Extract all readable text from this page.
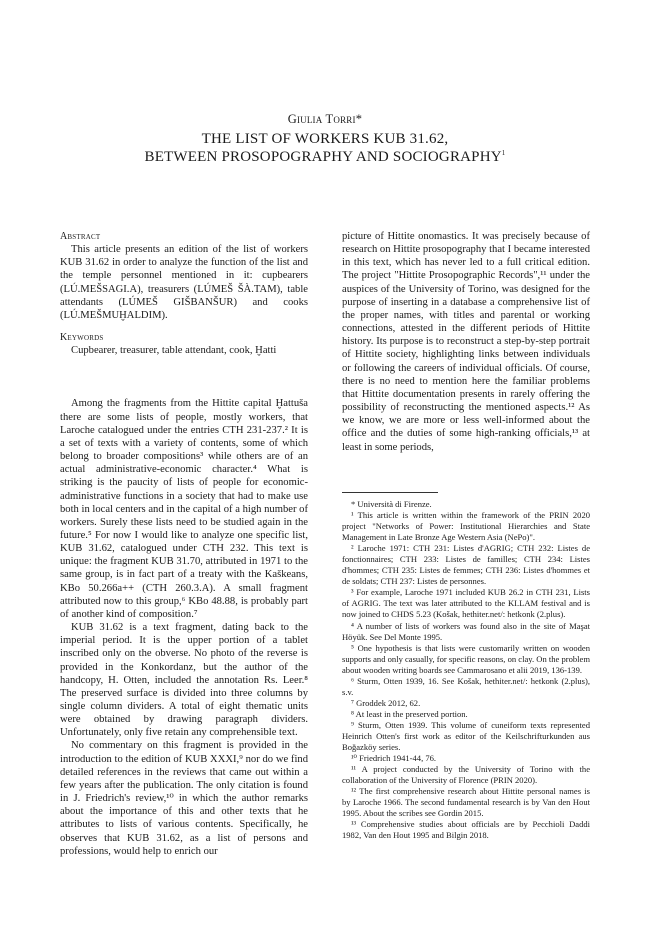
Giulia Torri*
THE LIST OF WORKERS KUB 31.62,
BETWEEN PROSOPOGRAPHY AND SOCIOGRAPHY$^1$
Abstract

This article presents an edition of the list of workers KUB 31.62 in order to analyze the function of the list and the temple personnel mentioned in it: cupbearers (LÚ.MEŠSAGI.A), treasurers (LÚMEŠ ŠÀ.TAM), table attendants (LÚMEŠ GIŠBANŠUR) and cooks (LÚ.MEŠMUḪALDIM).

Keywords

Cupbearer, treasurer, table attendant, cook, Ḫatti

Among the fragments from the Hittite capital Ḫattuša there are some lists of people, mostly workers, that Laroche catalogued under the entries CTH 231-237.² It is a set of texts with a variety of contents, some of which belong to broader compositions³ while others are of an actual administrative-economic character.⁴ What is striking is the paucity of lists of people for economic-administrative functions in a society that had to make use both in local centers and in the capital of a high number of workers. Surely these lists need to be studied again in the future.⁵ For now I would like to analyze one specific list, KUB 31.62, catalogued under CTH 232. This text is unique: the fragment KUB 31.70, attributed in 1971 to the same group, is in fact part of a treaty with the Kaškeans, KBo 50.266a++ (CTH 260.3.A). A small fragment attributed now to this group,⁶ KBo 48.88, is probably part of another kind of composition.⁷

KUB 31.62 is a text fragment, dating back to the imperial period. It is the upper portion of a tablet inscribed only on the obverse. No photo of the reverse is provided in the Konkordanz, but the author of the handcopy, H. Otten, included the annotation Rs. Leer.⁸ The preserved surface is divided into three columns by single column dividers. A total of eight thematic units were obtained by drawing paragraph dividers. Unfortunately, only five retain any comprehensible text.

No commentary on this fragment is provided in the introduction to the edition of KUB XXXI,⁹ nor do we find detailed references in the reviews that came out within a few years after the publication. The only citation is found in J. Friedrich's review,¹⁰ in which the author remarks about the importance of this and other texts that he attributes to lists of various contents. Specifically, he observes that KUB 31.62, as a list of persons and professions, would help to enrich our

picture of Hittite onomastics. It was precisely because of research on Hittite prosopography that I became interested in this text, which has never led to a full critical edition. The project "Hittite Prosopographic Records",¹¹ under the auspices of the University of Torino, was designed for the purpose of inserting in a database a comprehensive list of the proper names, with titles and parental or working connections, attested in the different periods of Hittite history. Its purpose is to reconstruct a step-by-step portrait of Hittite society, highlighting links between individuals or following the careers of individual officials. Of course, there is no need to mention here the familiar problems that Hittite documentation presents in rarely offering the possibility of reconstructing the mentioned aspects.¹² As we know, we are more or less well-informed about the office and the duties of some high-ranking officials,¹³ at least in some periods,

* Università di Firenze.
¹ This article is written within the framework of the PRIN 2020 project "Networks of Power: Institutional Hierarchies and State Management in Late Bronze Age Western Asia (NePo)".
² Laroche 1971: CTH 231: Listes d'AGRIG; CTH 232: Listes de fonctionnaires; CTH 233: Listes de familles; CTH 234: Listes d'hommes; CTH 235: Listes de femmes; CTH 236: Listes d'hommes et de soldats; CTH 237: Listes de personnes.
³ For example, Laroche 1971 included KUB 26.2 in CTH 231, Lists of AGRIG. The text was later attributed to the KI.LAM festival and is now joined to CHDS 5.23 (Košak, hethiter.net/: hetkonk (2.plus).
⁴ A number of lists of workers was found also in the site of Maşat Höyük. See Del Monte 1995.
⁵ One hypothesis is that lists were customarily written on wooden supports and only casually, for specific reasons, on clay. On the problem about wooden writing boards see Cammarosano et alii 2019, 136-139.
⁶ Sturm, Otten 1939, 16. See Košak, hethiter.net/: hetkonk (2.plus), s.v.
⁷ Groddek 2012, 62.
⁸ At least in the preserved portion.
⁹ Sturm, Otten 1939. This volume of cuneiform texts represented Heinrich Otten's first work as editor of the Keilschrifturkunden aus Boğazköy series.
¹⁰ Friedrich 1941-44, 76.
¹¹ A project conducted by the University of Torino with the collaboration of the University of Florence (PRIN 2020).
¹² The first comprehensive research about Hittite personal names is by Laroche 1966. The second fundamental research is by Van den Hout 1995. About the scribes see Gordin 2015.
¹³ Comprehensive studies about officials are by Pecchioli Daddi 1982, Van den Hout 1995 and Bilgin 2018.
